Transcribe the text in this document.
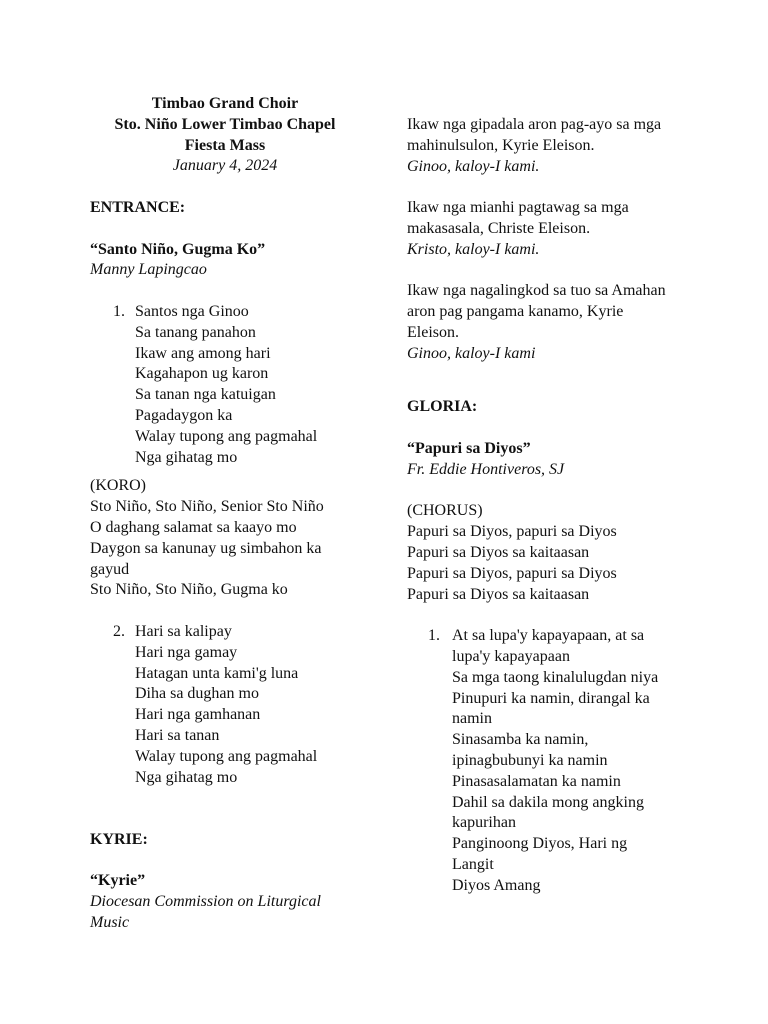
Timbao Grand Choir
Sto. Niño Lower Timbao Chapel
Fiesta Mass
January 4, 2024
ENTRANCE:
“Santo Niño, Gugma Ko”
Manny Lapingcao
1. Santos nga Ginoo
Sa tanang panahon
Ikaw ang among hari
Kagahapon ug karon
Sa tanan nga katuigan
Pagadaygon ka
Walay tupong ang pagmahal
Nga gihatag mo
(KORO)
Sto Niño, Sto Niño, Senior Sto Niño
O daghang salamat sa kaayo mo
Daygon sa kanunay ug simbahon ka gayud
Sto Niño, Sto Niño, Gugma ko
2. Hari sa kalipay
Hari nga gamay
Hatagan unta kami'g luna
Diha sa dughan mo
Hari nga gamhanan
Hari sa tanan
Walay tupong ang pagmahal
Nga gihatag mo
KYRIE:
“Kyrie”
Diocesan Commission on Liturgical Music
Ikaw nga gipadala aron pag-ayo sa mga mahinulsulon, Kyrie Eleison.
Ginoo, kaloy-I kami.
Ikaw nga mianhi pagtawag sa mga makasasala, Christe Eleison.
Kristo, kaloy-I kami.
Ikaw nga nagalingkod sa tuo sa Amahan aron pag pangama kanamo, Kyrie Eleison.
Ginoo, kaloy-I kami
GLORIA:
“Papuri sa Diyos”
Fr. Eddie Hontiveros, SJ
(CHORUS)
Papuri sa Diyos, papuri sa Diyos
Papuri sa Diyos sa kaitaasan
Papuri sa Diyos, papuri sa Diyos
Papuri sa Diyos sa kaitaasan
1. At sa lupa'y kapayapaan, at sa lupa'y kapayapaan
Sa mga taong kinalulugdan niya
Pinupuri ka namin, dirangal ka namin
Sinasamba ka namin, ipinagbubunyi ka namin
Pinasasalamatan ka namin
Dahil sa dakila mong angking kapurihan
Panginoong Diyos, Hari ng Langit
Diyos Amang
